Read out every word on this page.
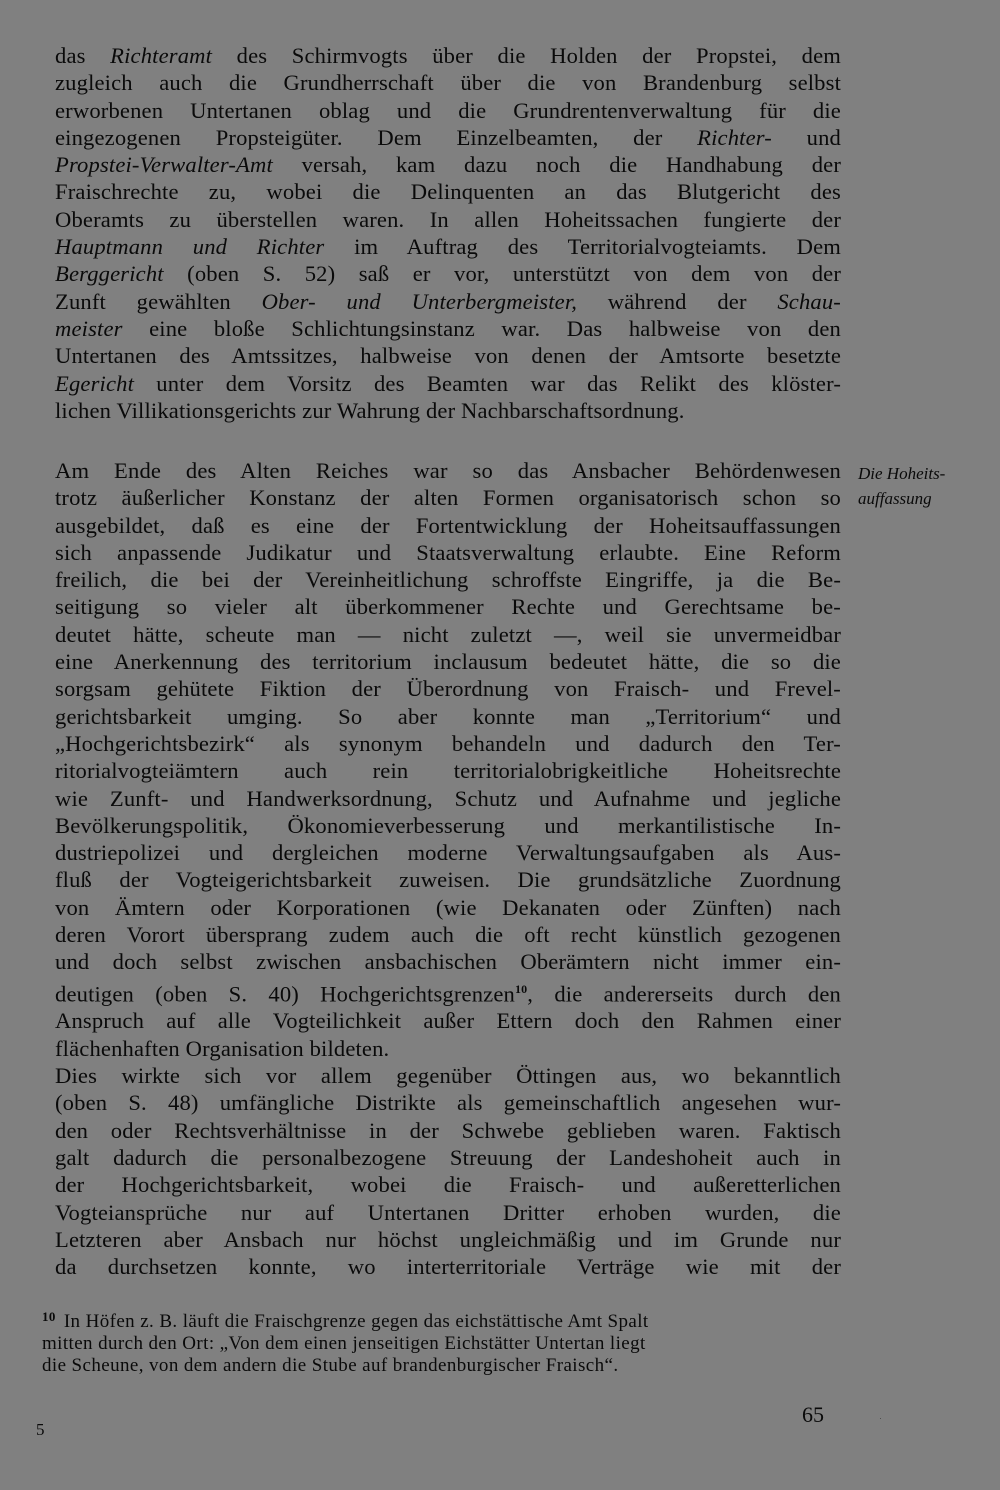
das Richteramt des Schirmvogts über die Holden der Propstei, dem
zugleich auch die Grundherrschaft über die von Brandenburg selbst
erworbenen Untertanen oblag und die Grundrentenverwaltung für die
eingezogenen Propsteigüter. Dem Einzelbeamten, der Richter- und
Propstei-Verwalter-Amt versah, kam dazu noch die Handhabung der
Fraischrechte zu, wobei die Delinquenten an das Blutgericht des
Oberamts zu überstellen waren. In allen Hoheitssachen fungierte der
Hauptmann und Richter im Auftrag des Territorialvogteiamts. Dem
Berggericht (oben S. 52) saß er vor, unterstützt von dem von der
Zunft gewählten Ober- und Unterbergmeister, während der Schau-
meister eine bloße Schlichtungsinstanz war. Das halbweise von den
Untertanen des Amtssitzes, halbweise von denen der Amtsorte besetzte
Egericht unter dem Vorsitz des Beamten war das Relikt des klöster-
lichen Villikationsgerichts zur Wahrung der Nachbarschaftsordnung.
Die Hoheits-
auffassung
Am Ende des Alten Reiches war so das Ansbacher Behördenwesen
trotz äußerlicher Konstanz der alten Formen organisatorisch schon so
ausgebildet, daß es eine der Fortentwicklung der Hoheitsauffassungen
sich anpassende Judikatur und Staatsverwaltung erlaubte. Eine Reform
freilich, die bei der Vereinheitlichung schroffste Eingriffe, ja die Be-
seitigung so vieler alt überkommener Rechte und Gerechtsame be-
deutet hätte, scheute man — nicht zuletzt —, weil sie unvermeidbar
eine Anerkennung des territorium inclausum bedeutet hätte, die so die
sorgsam gehütete Fiktion der Überordnung von Fraisch- und Frevel-
gerichtsbarkeit umging. So aber konnte man „Territorium“ und
„Hochgerichtsbezirk“ als synonym behandeln und dadurch den Ter-
ritorialvogteiämtern auch rein territorialobrigkeitliche Hoheitsrechte
wie Zunft- und Handwerksordnung, Schutz und Aufnahme und jegliche
Bevölkerungspolitik, Ökonomieverbesserung und merkantilistische In-
dustriepolizei und dergleichen moderne Verwaltungsaufgaben als Aus-
fluß der Vogteigerichtsbarkeit zuweisen. Die grundsätzliche Zuordnung
von Ämtern oder Korporationen (wie Dekanaten oder Zünften) nach
deren Vorort übersprang zudem auch die oft recht künstlich gezogenen
und doch selbst zwischen ansbachischen Oberämtern nicht immer ein-
deutigen (oben S. 40) Hochgerichtsgrenzen$^{10}$, die andererseits durch den
Anspruch auf alle Vogteilichkeit außer Ettern doch den Rahmen einer
flächenhaften Organisation bildeten.
Dies wirkte sich vor allem gegenüber Öttingen aus, wo bekanntlich
(oben S. 48) umfängliche Distrikte als gemeinschaftlich angesehen wur-
den oder Rechtsverhältnisse in der Schwebe geblieben waren. Faktisch
galt dadurch die personalbezogene Streuung der Landeshoheit auch in
der Hochgerichtsbarkeit, wobei die Fraisch- und außeretterlichen
Vogteiansprüche nur auf Untertanen Dritter erhoben wurden, die
Letzteren aber Ansbach nur höchst ungleichmäßig und im Grunde nur
da durchsetzen konnte, wo interterritoriale Verträge wie mit der
$^{10}$ In Höfen z. B. läuft die Fraischgrenze gegen das eichstättische Amt Spalt
mitten durch den Ort: „Von dem einen jenseitigen Eichstätter Untertan liegt
die Scheune, von dem andern die Stube auf brandenburgischer Fraisch“.
65
5
